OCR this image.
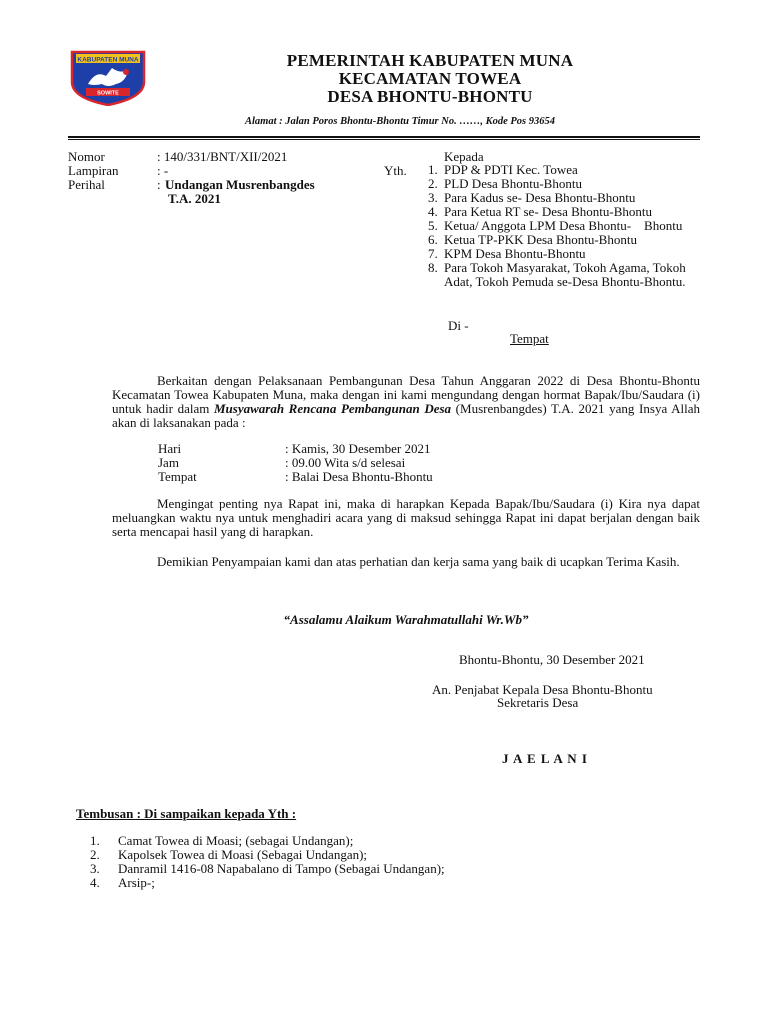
KABUPATEN MUNA
SOWITE
PEMERINTAH KABUPATEN MUNA
KECAMATAN TOWEA
DESA BHONTU-BHONTU
Alamat : Jalan Poros Bhontu-Bhontu Timur No. ……, Kode Pos 93654
Nomor	: 140/331/BNT/XII/2021
Lampiran	: -
Perihal	: Undangan Musrenbangdes
T.A. 2021
Yth.
Kepada
1. PDP & PDTI Kec. Towea
2. PLD Desa Bhontu-Bhontu
3. Para Kadus se- Desa Bhontu-Bhontu
4. Para Ketua RT se- Desa Bhontu-Bhontu
5. Ketua/ Anggota LPM Desa Bhontu-    Bhontu
6. Ketua TP-PKK Desa Bhontu-Bhontu
7. KPM Desa Bhontu-Bhontu
8. Para Tokoh Masyarakat, Tokoh Agama, Tokoh Adat, Tokoh Pemuda se-Desa Bhontu-Bhontu.
Di -
Tempat
Berkaitan dengan Pelaksanaan Pembangunan Desa Tahun Anggaran 2022 di Desa Bhontu-Bhontu Kecamatan Towea Kabupaten Muna, maka dengan ini kami mengundang dengan hormat Bapak/Ibu/Saudara (i) untuk hadir dalam Musyawarah Rencana Pembangunan Desa (Musrenbangdes) T.A. 2021 yang Insya Allah akan di laksanakan pada :
Hari	: Kamis, 30 Desember 2021
Jam	: 09.00 Wita s/d selesai
Tempat	: Balai Desa Bhontu-Bhontu
Mengingat penting nya Rapat ini, maka di harapkan Kepada Bapak/Ibu/Saudara (i) Kira nya dapat meluangkan waktu nya untuk menghadiri acara yang di maksud sehingga Rapat ini dapat berjalan dengan baik serta mencapai hasil yang di harapkan.
Demikian Penyampaian kami dan atas perhatian dan kerja sama yang baik di ucapkan Terima Kasih.
“Assalamu Alaikum Warahmatullahi Wr.Wb”
Bhontu-Bhontu, 30 Desember 2021
An. Penjabat Kepala Desa Bhontu-Bhontu
Sekretaris Desa
J A E L A N I
Tembusan : Di sampaikan kepada Yth :
1.	Camat Towea di Moasi; (sebagai Undangan);
2.	Kapolsek Towea di Moasi (Sebagai Undangan);
3.	Danramil 1416-08 Napabalano di Tampo (Sebagai Undangan);
4.	Arsip-;
